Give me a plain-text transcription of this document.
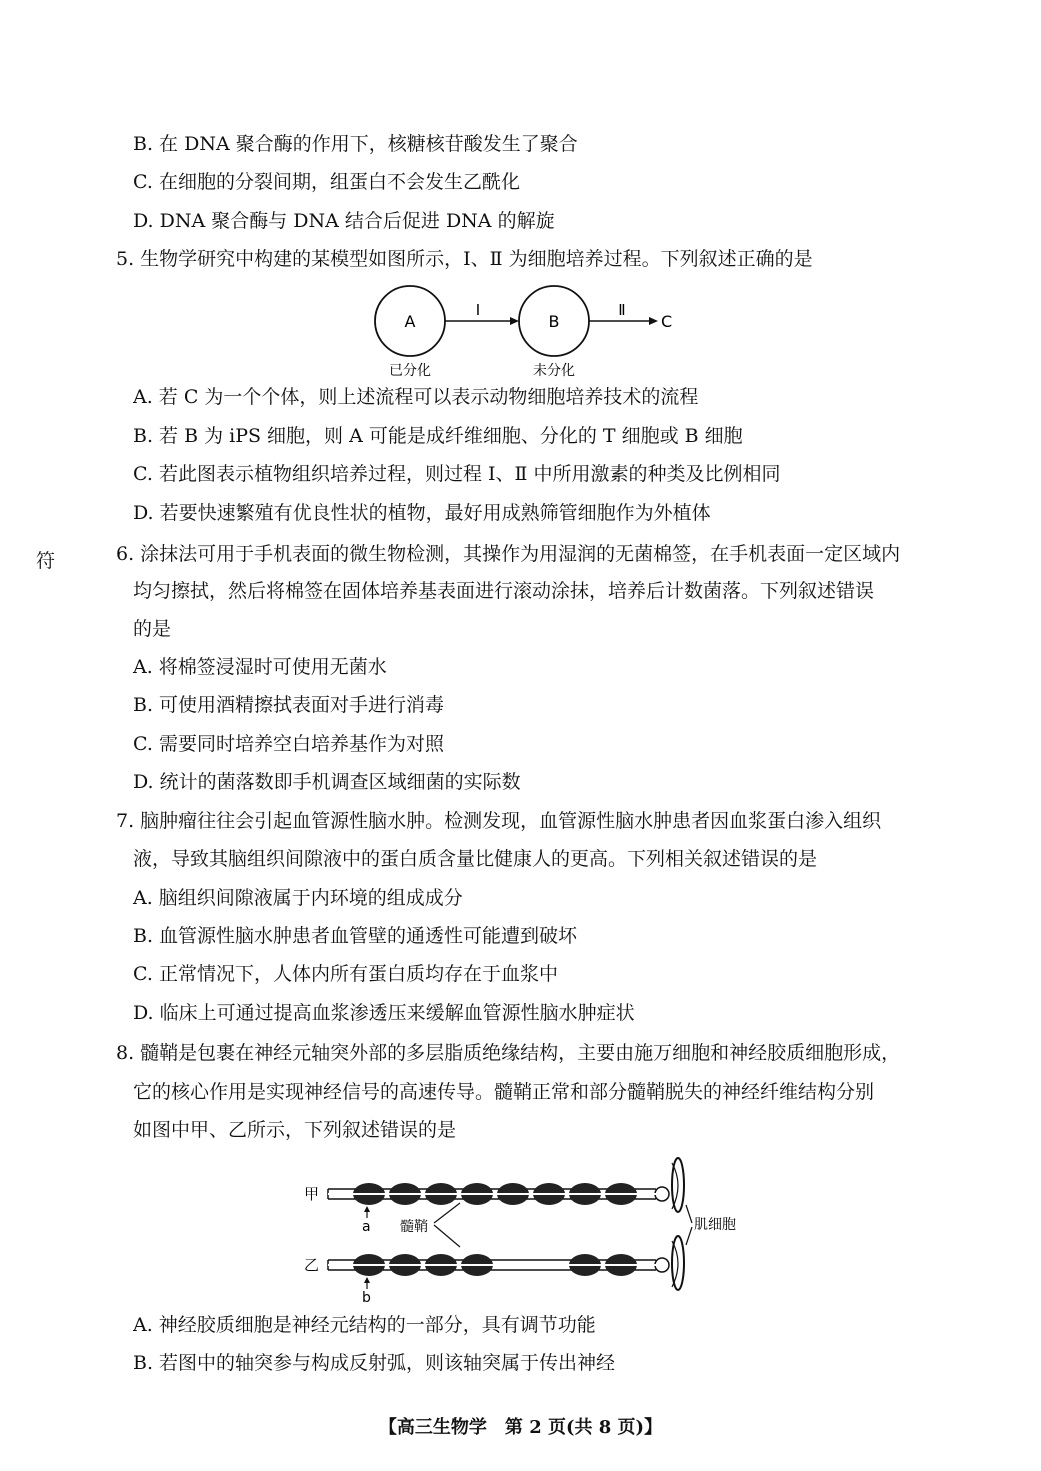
B. 在 DNA 聚合酶的作用下，核糖核苷酸发生了聚合
C. 在细胞的分裂间期，组蛋白不会发生乙酰化
D. DNA 聚合酶与 DNA 结合后促进 DNA 的解旋
5. 生物学研究中构建的某模型如图所示，Ⅰ、Ⅱ 为细胞培养过程。下列叙述正确的是
A
Ⅰ
B
Ⅱ
C
已分化	未分化
A. 若 C 为一个个体，则上述流程可以表示动物细胞培养技术的流程
B. 若 B 为 iPS 细胞，则 A 可能是成纤维细胞、分化的 T 细胞或 B 细胞
C. 若此图表示植物组织培养过程，则过程 Ⅰ、Ⅱ 中所用激素的种类及比例相同
D. 若要快速繁殖有优良性状的植物，最好用成熟筛管细胞作为外植体
符	6. 涂抹法可用于手机表面的微生物检测，其操作为用湿润的无菌棉签，在手机表面一定区域内
均匀擦拭，然后将棉签在固体培养基表面进行滚动涂抹，培养后计数菌落。下列叙述错误
的是
A. 将棉签浸湿时可使用无菌水
B. 可使用酒精擦拭表面对手进行消毒
C. 需要同时培养空白培养基作为对照
D. 统计的菌落数即手机调查区域细菌的实际数
7. 脑肿瘤往往会引起血管源性脑水肿。检测发现，血管源性脑水肿患者因血浆蛋白渗入组织
液，导致其脑组织间隙液中的蛋白质含量比健康人的更高。下列相关叙述错误的是
A. 脑组织间隙液属于内环境的组成成分
B. 血管源性脑水肿患者血管壁的通透性可能遭到破坏
C. 正常情况下，人体内所有蛋白质均存在于血浆中
D. 临床上可通过提高血浆渗透压来缓解血管源性脑水肿症状
8. 髓鞘是包裹在神经元轴突外部的多层脂质绝缘结构，主要由施万细胞和神经胶质细胞形成，
它的核心作用是实现神经信号的高速传导。髓鞘正常和部分髓鞘脱失的神经纤维结构分别
如图中甲、乙所示，下列叙述错误的是
甲
a 髓鞘	肌细胞
乙
b
A. 神经胶质细胞是神经元结构的一部分，具有调节功能
B. 若图中的轴突参与构成反射弧，则该轴突属于传出神经
【高三生物学　第 2 页(共 8 页)】
